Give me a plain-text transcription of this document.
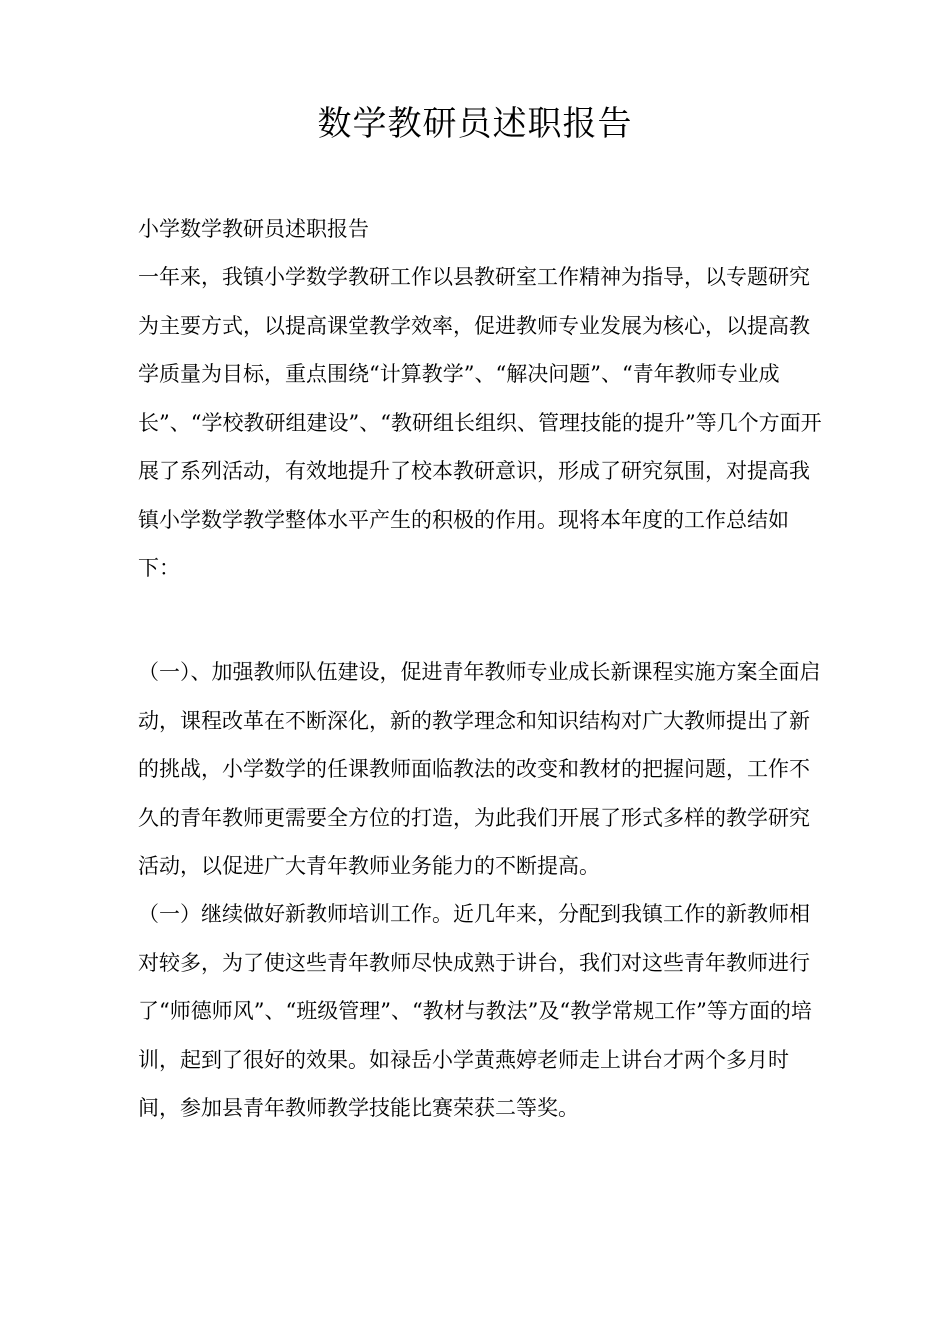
数学教研员述职报告

小学数学教研员述职报告

一年来，我镇小学数学教研工作以县教研室工作精神为指导，以专题研究为主要方式，以提高课堂教学效率，促进教师专业发展为核心，以提高教学质量为目标，重点围绕“计算教学”、“解决问题”、“青年教师专业成长”、“学校教研组建设”、“教研组长组织、管理技能的提升”等几个方面开展了系列活动，有效地提升了校本教研意识，形成了研究氛围，对提高我镇小学数学教学整体水平产生的积极的作用。现将本年度的工作总结如下：

（一）、加强教师队伍建设，促进青年教师专业成长新课程实施方案全面启动，课程改革在不断深化，新的教学理念和知识结构对广大教师提出了新的挑战，小学数学的任课教师面临教法的改变和教材的把握问题，工作不久的青年教师更需要全方位的打造，为此我们开展了形式多样的教学研究活动，以促进广大青年教师业务能力的不断提高。

（一）继续做好新教师培训工作。近几年来，分配到我镇工作的新教师相对较多，为了使这些青年教师尽快成熟于讲台，我们对这些青年教师进行了“师德师风”、“班级管理”、“教材与教法”及“教学常规工作”等方面的培训，起到了很好的效果。如禄岳小学黄燕婷老师走上讲台才两个多月时间，参加县青年教师教学技能比赛荣获二等奖。
